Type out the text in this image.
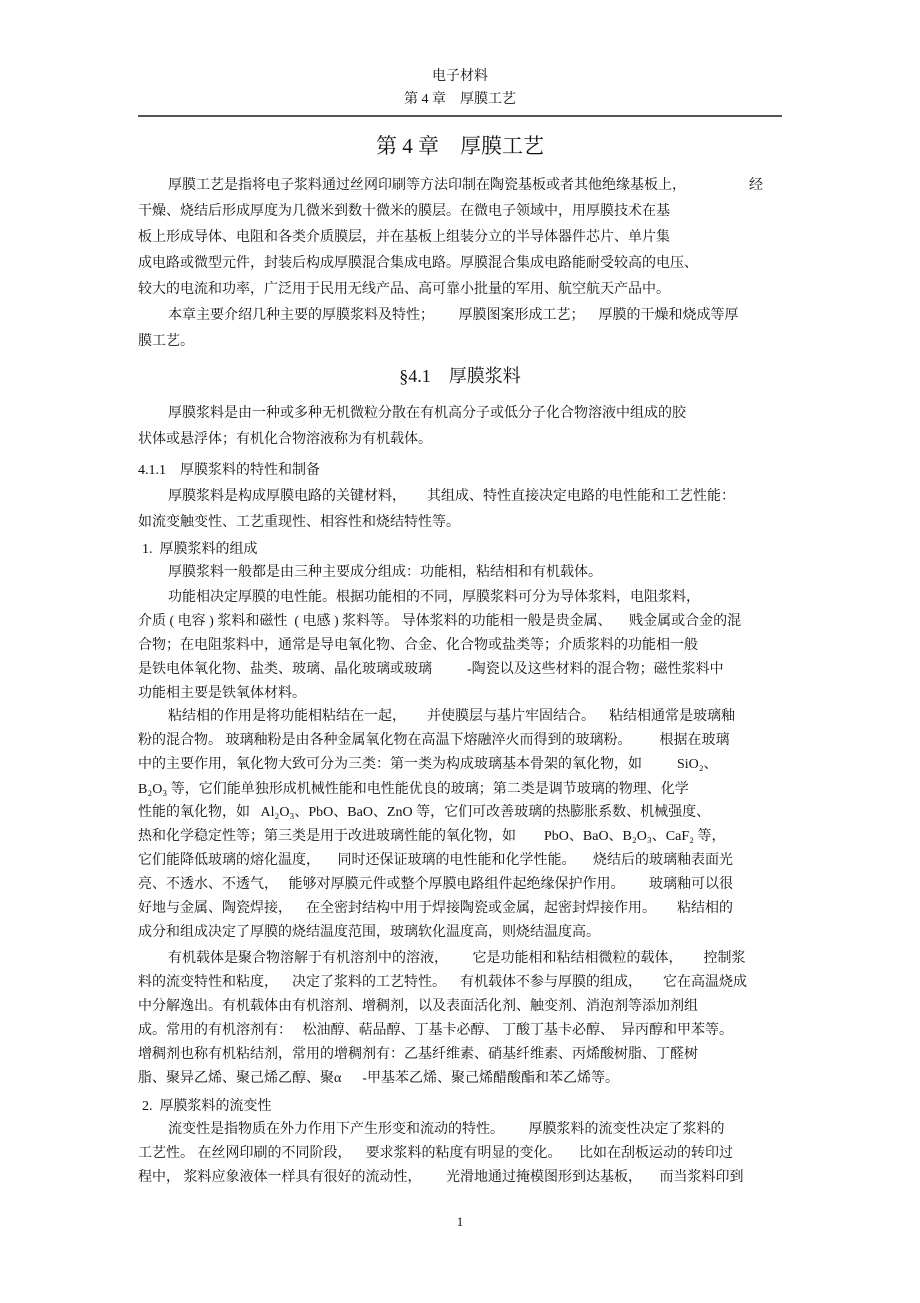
电子材料
第 4 章    厚膜工艺
第 4 章    厚膜工艺
厚膜工艺是指将电子浆料通过丝网印刷等方法印制在陶瓷基板或者其他绝缘基板上，                  经
干燥、烧结后形成厚度为几微米到数十微米的膜层。在微电子领域中，用厚膜技术在基
板上形成导体、电阻和各类介质膜层，并在基板上组装分立的半导体器件芯片、单片集
成电路或微型元件，封装后构成厚膜混合集成电路。厚膜混合集成电路能耐受较高的电压、
较大的电流和功率，广泛用于民用无线产品、高可靠小批量的军用、航空航天产品中。
本章主要介绍几种主要的厚膜浆料及特性；       厚膜图案形成工艺；    厚膜的干燥和烧成等厚
膜工艺。
§4.1    厚膜浆料
厚膜浆料是由一种或多种无机微粒分散在有机高分子或低分子化合物溶液中组成的胶
状体或悬浮体；有机化合物溶液称为有机载体。
4.1.1    厚膜浆料的特性和制备
厚膜浆料是构成厚膜电路的关键材料，      其组成、特性直接决定电路的电性能和工艺性能：
如流变触变性、工艺重现性、相容性和烧结特性等。
1.  厚膜浆料的组成
厚膜浆料一般都是由三种主要成分组成：功能相，粘结相和有机载体。
功能相决定厚膜的电性能。根据功能相的不同，厚膜浆料可分为导体浆料，电阻浆料，
介质 ( 电容 ) 浆料和磁性  ( 电感 ) 浆料等。 导体浆料的功能相一般是贵金属、     贱金属或合金的混
合物；在电阻浆料中，通常是导电氧化物、合金、化合物或盐类等；介质浆料的功能相一般
是铁电体氧化物、盐类、玻璃、晶化玻璃或玻璃          -陶瓷以及这些材料的混合物；磁性浆料中
功能相主要是铁氧体材料。
粘结相的作用是将功能相粘结在一起，      并使膜层与基片牢固结合。    粘结相通常是玻璃釉
粉的混合物。 玻璃釉粉是由各种金属氧化物在高温下熔融淬火而得到的玻璃粉。        根据在玻璃
中的主要作用，氧化物大致可分为三类：第一类为构成玻璃基本骨架的氧化物，如          SiO₂、
B₂O₃ 等，它们能单独形成机械性能和电性能优良的玻璃；第二类是调节玻璃的物理、化学
性能的氧化物，如   Al₂O₃、PbO、BaO、ZnO 等，它们可改善玻璃的热膨胀系数、机械强度、
热和化学稳定性等；第三类是用于改进玻璃性能的氧化物，如        PbO、BaO、B₂O₃、CaF₂ 等，
它们能降低玻璃的熔化温度，     同时还保证玻璃的电性能和化学性能。     烧结后的玻璃釉表面光
亮、不透水、不透气，   能够对厚膜元件或整个厚膜电路组件起绝缘保护作用。       玻璃釉可以很
好地与金属、陶瓷焊接，    在全密封结构中用于焊接陶瓷或金属，起密封焊接作用。      粘结相的
成分和组成决定了厚膜的烧结温度范围，玻璃软化温度高，则烧结温度高。
有机载体是聚合物溶解于有机溶剂中的溶液，       它是功能相和粘结相微粒的载体，      控制浆
料的流变特性和粘度，    决定了浆料的工艺特性。    有机载体不参与厚膜的组成，      它在高温烧成
中分解逸出。有机载体由有机溶剂、增稠剂，以及表面活化剂、触变剂、消泡剂等添加剂组
成。常用的有机溶剂有：   松油醇、萜品醇、丁基卡必醇、 丁酸丁基卡必醇、  异丙醇和甲苯等。
增稠剂也称有机粘结剂，常用的增稠剂有：乙基纤维素、硝基纤维素、丙烯酸树脂、丁醛树
脂、聚异乙烯、聚己烯乙醇、聚α      -甲基苯乙烯、聚己烯醋酸酯和苯乙烯等。
2.  厚膜浆料的流变性
流变性是指物质在外力作用下产生形变和流动的特性。       厚膜浆料的流变性决定了浆料的
工艺性。 在丝网印刷的不同阶段，    要求浆料的粘度有明显的变化。     比如在刮板运动的转印过
程中， 浆料应象液体一样具有很好的流动性，       光滑地通过掩模图形到达基板，     而当浆料印到
1
